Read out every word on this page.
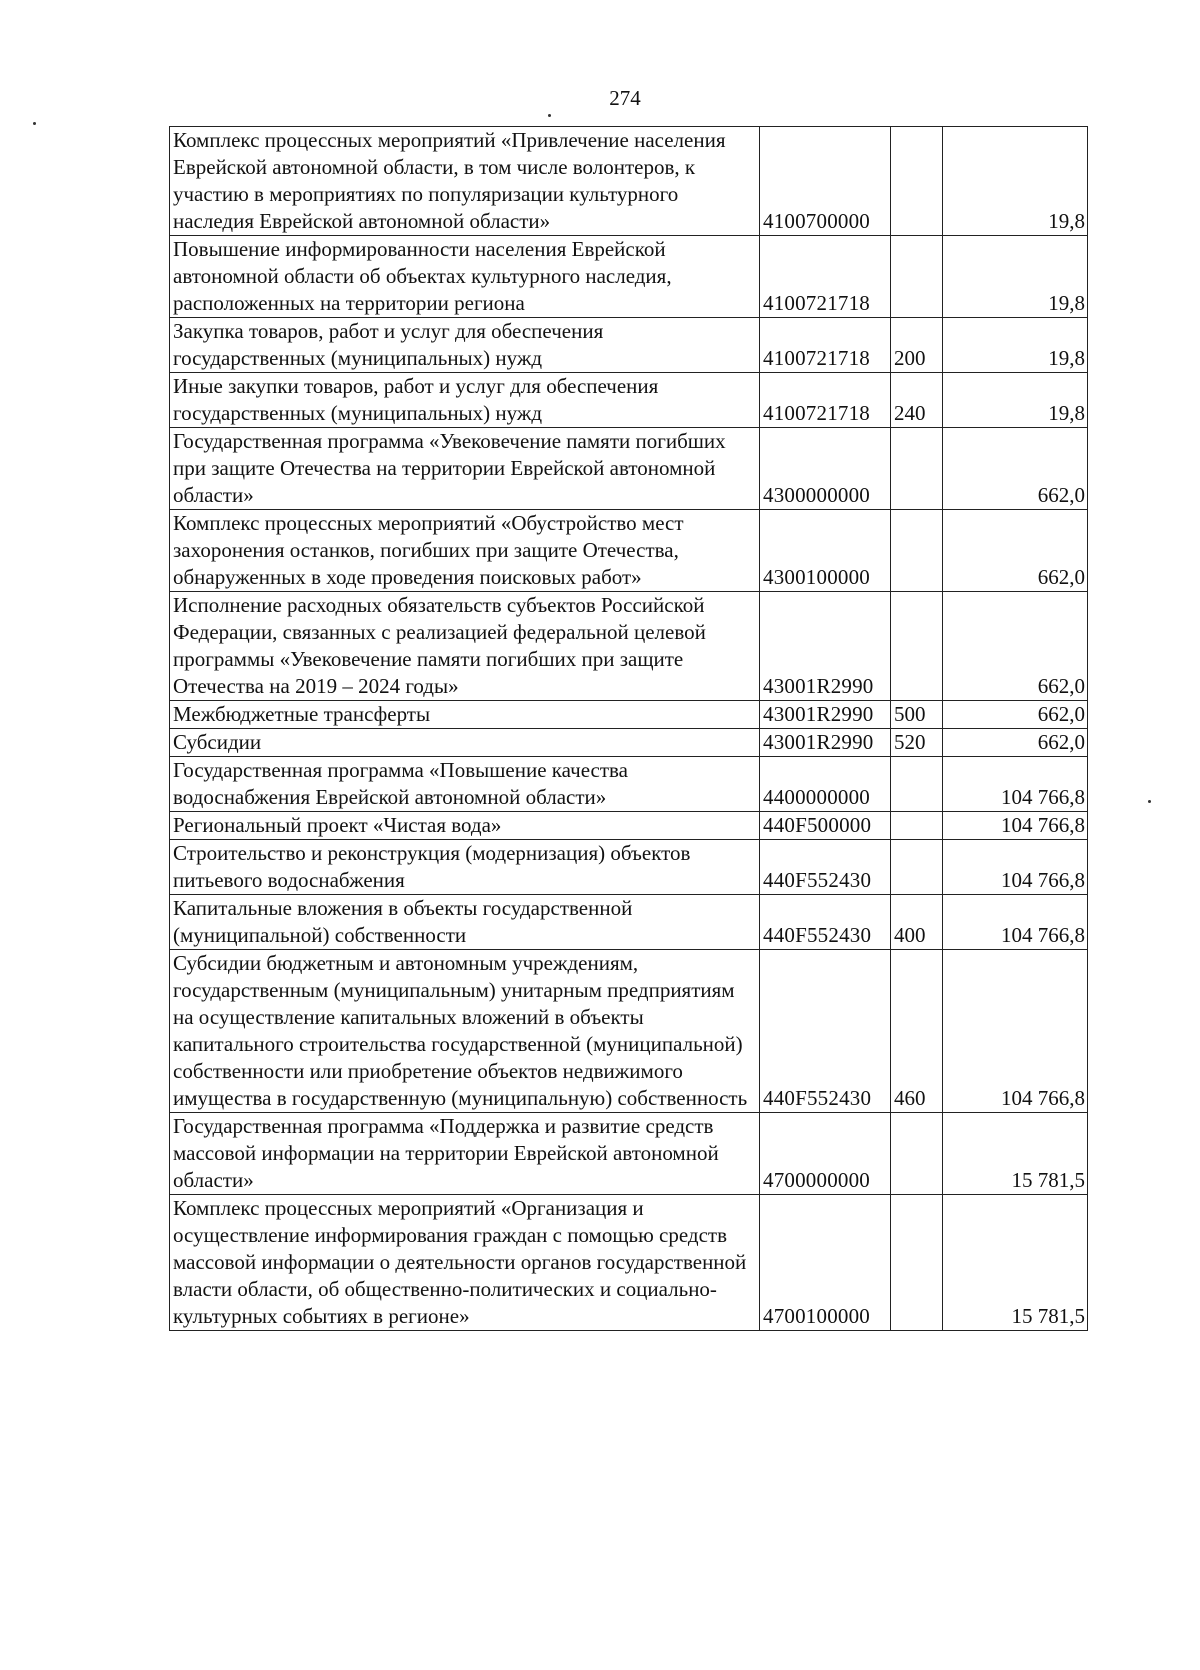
274
Комплекс процессных мероприятий «Привлечение населения Еврейской автономной области, в том числе волонтеров, к участию в мероприятиях по популяризации культурного наследия Еврейской автономной области»	4100700000		19,8
Повышение информированности населения Еврейской автономной области об объектах культурного наследия, расположенных на территории региона	4100721718		19,8
Закупка товаров, работ и услуг для обеспечения государственных (муниципальных) нужд	4100721718	200	19,8
Иные закупки товаров, работ и услуг для обеспечения государственных (муниципальных) нужд	4100721718	240	19,8
Государственная программа «Увековечение памяти погибших при защите Отечества на территории Еврейской автономной области»	4300000000		662,0
Комплекс процессных мероприятий «Обустройство мест захоронения останков, погибших при защите Отечества, обнаруженных в ходе проведения поисковых работ»	4300100000		662,0
Исполнение расходных обязательств субъектов Российской Федерации, связанных с реализацией федеральной целевой программы «Увековечение памяти погибших при защите Отечества на 2019 – 2024 годы»	43001R2990		662,0
Межбюджетные трансферты	43001R2990	500	662,0
Субсидии	43001R2990	520	662,0
Государственная программа «Повышение качества водоснабжения Еврейской автономной области»	4400000000		104 766,8
Региональный проект «Чистая вода»	440F500000		104 766,8
Строительство и реконструкция (модернизация) объектов питьевого водоснабжения	440F552430		104 766,8
Капитальные вложения в объекты государственной (муниципальной) собственности	440F552430	400	104 766,8
Субсидии бюджетным и автономным учреждениям, государственным (муниципальным) унитарным предприятиям на осуществление капитальных вложений в объекты капитального строительства государственной (муниципальной) собственности или приобретение объектов недвижимого имущества в государственную (муниципальную) собственность	440F552430	460	104 766,8
Государственная программа «Поддержка и развитие средств массовой информации на территории Еврейской автономной области»	4700000000		15 781,5
Комплекс процессных мероприятий «Организация и осуществление информирования граждан с помощью средств массовой информации о деятельности органов государственной власти области, об общественно-политических и социально-культурных событиях в регионе»	4700100000		15 781,5
